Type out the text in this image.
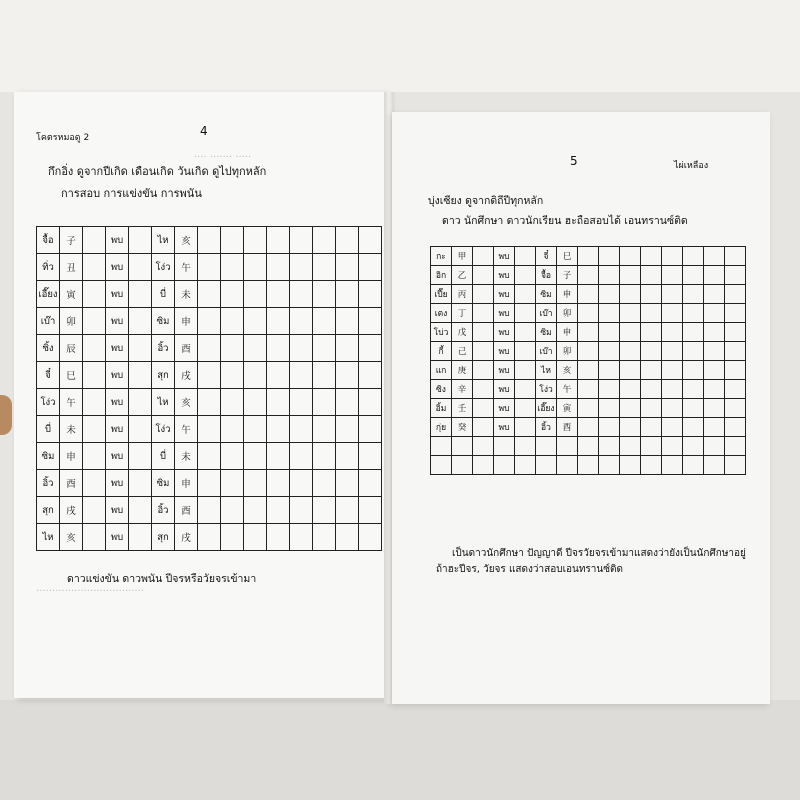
โคตรหมอดู 2	4
···· ······· ·····
กึกอิ่ง ดูจากปีเกิด เดือนเกิด วันเกิด ดูไปทุกหลัก
การสอบ การแข่งขัน การพนัน
จื้อ	子		พบ		ไห	亥								
ทิ่ว	丑		พบ		โง่ว	午								
เอี๊ยง	寅		พบ		บี่	未								
เบ๊า	卯		พบ		ซิม	申								
ซิ้ง	辰		พบ		อิ้ว	酉								
จี๋	巳		พบ		สุก	戌								
โง่ว	午		พบ		ไห	亥								
บี่	未		พบ		โง่ว	午								
ซิม	申		พบ		บี่	未								
อิ้ว	酉		พบ		ซิม	申								
สุก	戌		พบ		อิ้ว	酉								
ไห	亥		พบ		สุก	戌								
ดาวแข่งขัน ดาวพนัน ปีจรหรือวัยจรเข้ามา
··································
5	ไผ่เหลือง
บุ่งเซียง ดูจากดิถีปีทุกหลัก
ดาว นักศึกษา ดาวนักเรียน ฮะถือสอบได้ เอนทรานซ์ติด
กะ	甲		พบ		จี๋	巳								
อิก	乙		พบ		จื้อ	子								
เปี๊ย	丙		พบ		ซิม	申								
เตง	丁		พบ		เบ๊า	卯								
โบ่ว	戊		พบ		ซิม	申								
กี้	己		พบ		เบ๊า	卯								
แก	庚		พบ		ไห	亥								
ซิง	辛		พบ		โง่ว	午								
อิ้ม	壬		พบ		เอี๊ยง	寅								
กุ่ย	癸		พบ		อิ้ว	酉								

เป็นดาวนักศึกษา ปัญญาดี ปีจรวัยจรเข้ามาแสดงว่ายังเป็นนักศึกษาอยู่
ถ้าฮะปีจร, วัยจร แสดงว่าสอบเอนทรานซ์ติด
